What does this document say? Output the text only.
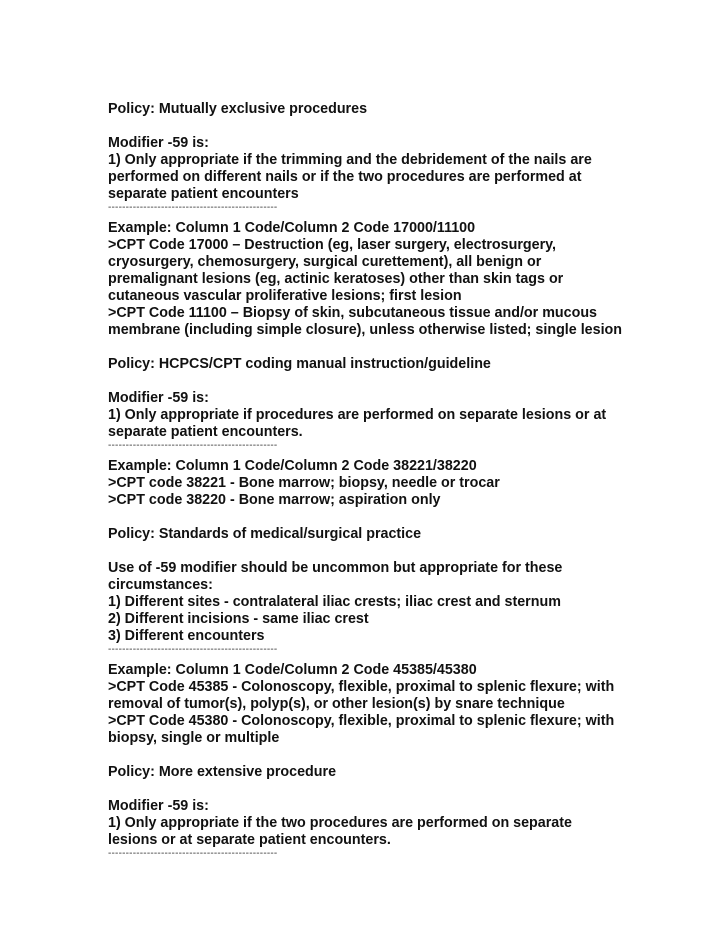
Policy: Mutually exclusive procedures
Modifier -59 is:
1) Only appropriate if the trimming and the debridement of the nails are
performed on different nails or if the two procedures are performed at
separate patient encounters
------------------------------------------------
Example: Column 1 Code/Column 2 Code 17000/11100
>CPT Code 17000 – Destruction (eg, laser surgery, electrosurgery,
cryosurgery, chemosurgery, surgical curettement), all benign or
premalignant lesions (eg, actinic keratoses) other than skin tags or
cutaneous vascular proliferative lesions; first lesion
>CPT Code 11100 – Biopsy of skin, subcutaneous tissue and/or mucous
membrane (including simple closure), unless otherwise listed; single lesion
Policy: HCPCS/CPT coding manual instruction/guideline
Modifier -59 is:
1) Only appropriate if procedures are performed on separate lesions or at
separate patient encounters.
------------------------------------------------
Example: Column 1 Code/Column 2 Code 38221/38220
>CPT code 38221 - Bone marrow; biopsy, needle or trocar
>CPT code 38220 - Bone marrow; aspiration only
Policy: Standards of medical/surgical practice
Use of -59 modifier should be uncommon but appropriate for these
circumstances:
1) Different sites - contralateral iliac crests; iliac crest and sternum
2) Different incisions - same iliac crest
3) Different encounters
------------------------------------------------
Example: Column 1 Code/Column 2 Code 45385/45380
>CPT Code 45385 - Colonoscopy, flexible, proximal to splenic flexure; with
removal of tumor(s), polyp(s), or other lesion(s) by snare technique
>CPT Code 45380 - Colonoscopy, flexible, proximal to splenic flexure; with
biopsy, single or multiple
Policy: More extensive procedure
Modifier -59 is:
1) Only appropriate if the two procedures are performed on separate
lesions or at separate patient encounters.
------------------------------------------------
